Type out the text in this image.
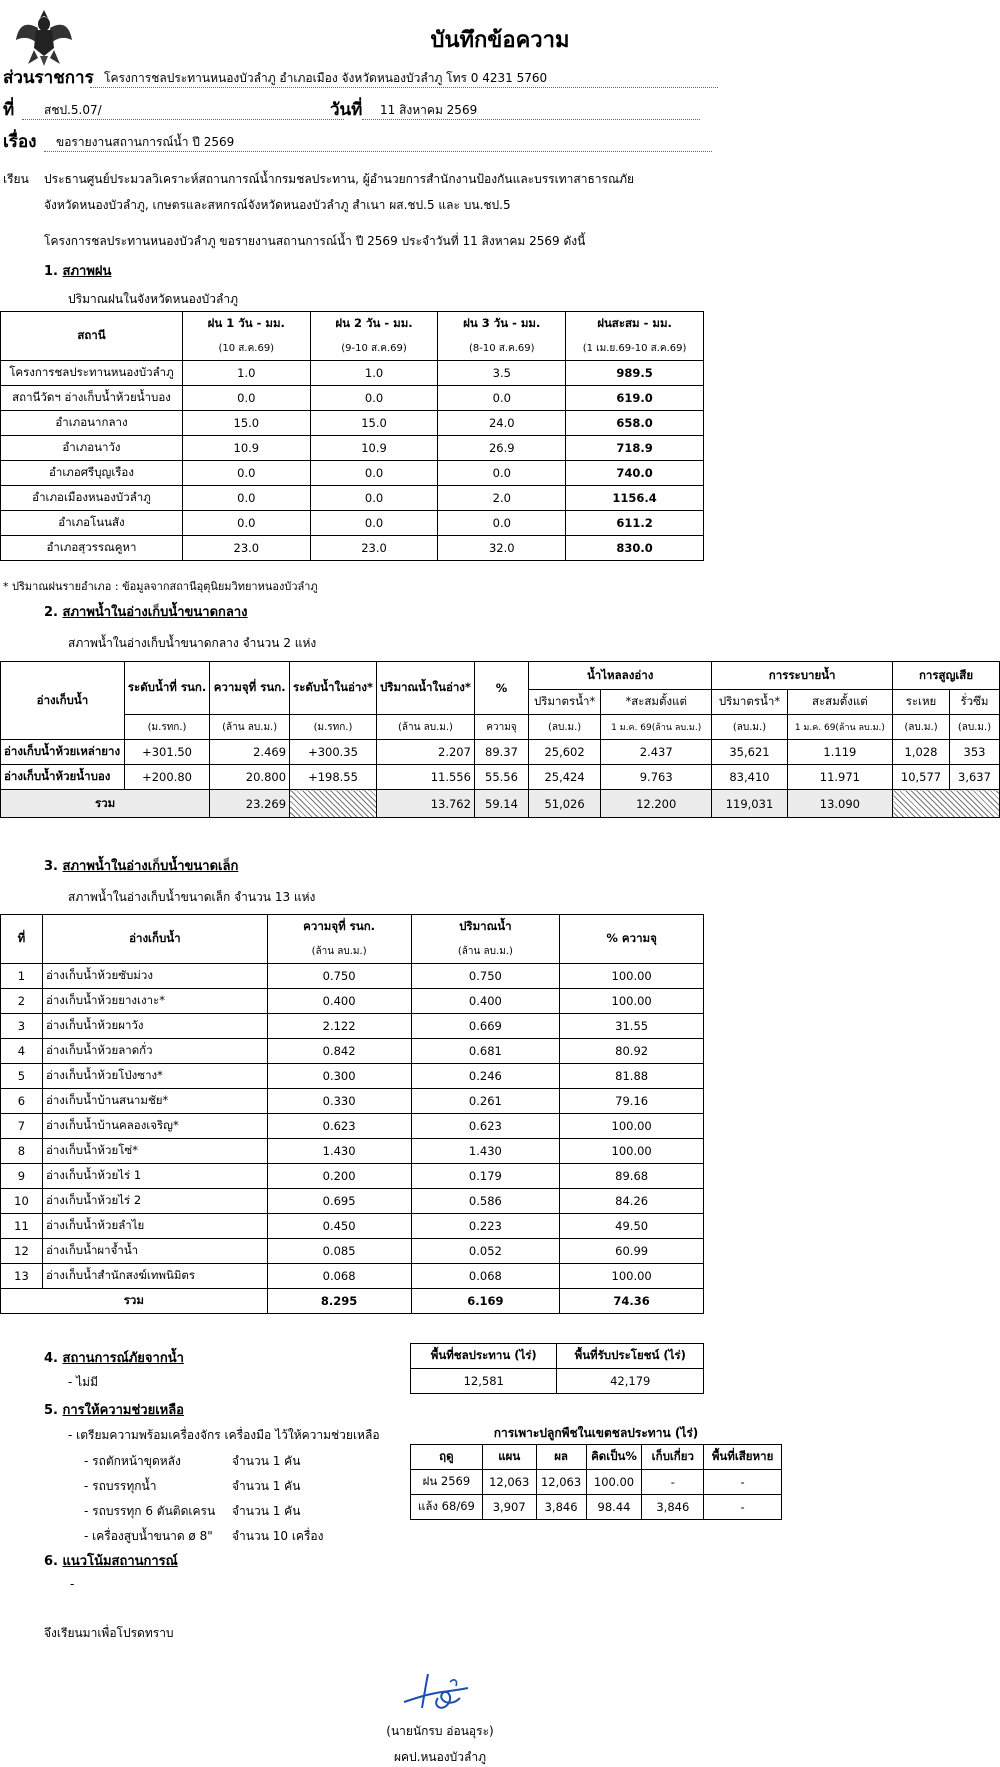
บันทึกข้อความ
ส่วนราชการ โครงการชลประทานหนองบัวลำภู อำเภอเมือง จังหวัดหนองบัวลำภู โทร 0 4231 5760
ที่	สชป.5.07/	วันที่	11 สิงหาคม 2569
เรื่อง	ขอรายงานสถานการณ์น้ำ ปี 2569
เรียน ประธานศูนย์ประมวลวิเคราะห์สถานการณ์น้ำกรมชลประทาน, ผู้อำนวยการสำนักงานป้องกันและบรรเทาสาธารณภัย
จังหวัดหนองบัวลำภู, เกษตรและสหกรณ์จังหวัดหนองบัวลำภู สำเนา ผส.ชป.5 และ บน.ชป.5
โครงการชลประทานหนองบัวลำภู ขอรายงานสถานการณ์น้ำ ปี 2569 ประจำวันที่ 11 สิงหาคม 2569 ดังนี้
1. สภาพฝน
ปริมาณฝนในจังหวัดหนองบัวลำภู
สถานี	ฝน 1 วัน - มม.	ฝน 2 วัน - มม.	ฝน 3 วัน - มม.	ฝนสะสม - มม.
	(10 ส.ค.69)	(9-10 ส.ค.69)	(8-10 ส.ค.69)	(1 เม.ย.69-10 ส.ค.69)
โครงการชลประทานหนองบัวลำภู	1.0	1.0	3.5	989.5
สถานีวัดฯ อ่างเก็บน้ำห้วยน้ำบอง	0.0	0.0	0.0	619.0
อำเภอนากลาง	15.0	15.0	24.0	658.0
อำเภอนาวัง	10.9	10.9	26.9	718.9
อำเภอศรีบุญเรือง	0.0	0.0	0.0	740.0
อำเภอเมืองหนองบัวลำภู	0.0	0.0	2.0	1156.4
อำเภอโนนสัง	0.0	0.0	0.0	611.2
อำเภอสุวรรณคูหา	23.0	23.0	32.0	830.0
* ปริมาณฝนรายอำเภอ : ข้อมูลจากสถานีอุตุนิยมวิทยาหนองบัวลำภู
2. สภาพน้ำในอ่างเก็บน้ำขนาดกลาง
สภาพน้ำในอ่างเก็บน้ำขนาดกลาง จำนวน 2 แห่ง
อ่างเก็บน้ำ	ระดับน้ำที่ รนก.	ความจุที่ รนก.	ระดับน้ำในอ่าง*	ปริมาณน้ำในอ่าง*	%	น้ำไหลลงอ่าง		การระบายน้ำ		การสูญเสีย	
						ปริมาตรน้ำ*	*สะสมตั้งแต่	ปริมาตรน้ำ*	สะสมตั้งแต่	ระเหย	รั่วซึม
	(ม.รทก.)	(ล้าน ลบ.ม.)	(ม.รทก.)	(ล้าน ลบ.ม.)	ความจุ	(ลบ.ม.)	1 ม.ค. 69(ล้าน ลบ.ม.)	(ลบ.ม.)	1 ม.ค. 69(ล้าน ลบ.ม.)	(ลบ.ม.)	(ลบ.ม.)
อ่างเก็บน้ำห้วยเหล่ายาง	+301.50	2.469	+300.35	2.207	89.37	25,602	2.437	35,621	1.119	1,028	353
อ่างเก็บน้ำห้วยน้ำบอง	+200.80	20.800	+198.55	11.556	55.56	25,424	9.763	83,410	11.971	10,577	3,637
รวม		23.269		13.762	59.14	51,026	12.200	119,031	13.090		
3. สภาพน้ำในอ่างเก็บน้ำขนาดเล็ก
สภาพน้ำในอ่างเก็บน้ำขนาดเล็ก จำนวน 13 แห่ง
ที่	อ่างเก็บน้ำ	ความจุที่ รนก.	ปริมาณน้ำ	% ความจุ
		(ล้าน ลบ.ม.)	(ล้าน ลบ.ม.)	
1	อ่างเก็บน้ำห้วยซับม่วง	0.750	0.750	100.00
2	อ่างเก็บน้ำห้วยยางเงาะ*	0.400	0.400	100.00
3	อ่างเก็บน้ำห้วยผาวัง	2.122	0.669	31.55
4	อ่างเก็บน้ำห้วยลาดกั่ว	0.842	0.681	80.92
5	อ่างเก็บน้ำห้วยโป่งซาง*	0.300	0.246	81.88
6	อ่างเก็บน้ำบ้านสนามชัย*	0.330	0.261	79.16
7	อ่างเก็บน้ำบ้านคลองเจริญ*	0.623	0.623	100.00
8	อ่างเก็บน้ำห้วยโซ่*	1.430	1.430	100.00
9	อ่างเก็บน้ำห้วยไร่ 1	0.200	0.179	89.68
10	อ่างเก็บน้ำห้วยไร่ 2	0.695	0.586	84.26
11	อ่างเก็บน้ำห้วยลำไย	0.450	0.223	49.50
12	อ่างเก็บน้ำผาจ้ำน้ำ	0.085	0.052	60.99
13	อ่างเก็บน้ำสำนักสงฆ์เทพนิมิตร	0.068	0.068	100.00
รวม		8.295	6.169	74.36
4. สถานการณ์ภัยจากน้ำ
- ไม่มี
พื้นที่ชลประทาน (ไร่)	พื้นที่รับประโยชน์ (ไร่)
12,581	42,179
5. การให้ความช่วยเหลือ
- เตรียมความพร้อมเครื่องจักร เครื่องมือ ไว้ให้ความช่วยเหลือ
- รถตักหน้าขุดหลัง	จำนวน 1 คัน
- รถบรรทุกน้ำ	จำนวน 1 คัน
- รถบรรทุก 6 ตันติดเครน จำนวน 1 คัน
- เครื่องสูบน้ำขนาด ø 8" จำนวน 10 เครื่อง
การเพาะปลูกพืชในเขตชลประทาน (ไร่)
ฤดู	แผน	ผล	คิดเป็น%	เก็บเกี่ยว	พื้นที่เสียหาย
ฝน 2569	12,063	12,063	100.00	-	-
แล้ง 68/69	3,907	3,846	98.44	3,846	-
6. แนวโน้มสถานการณ์
-
จึงเรียนมาเพื่อโปรดทราบ
(นายนักรบ อ่อนอุระ)
ผคป.หนองบัวลำภู
